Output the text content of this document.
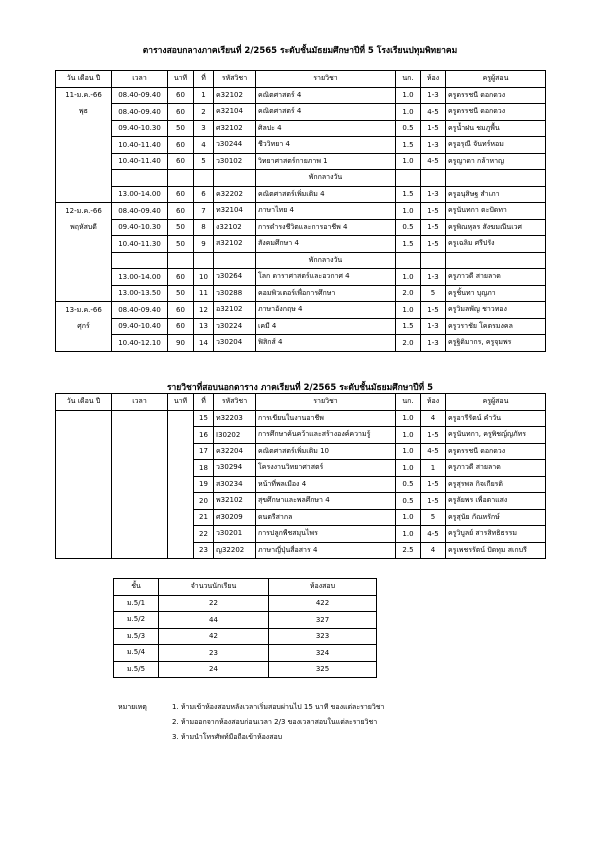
ตารางสอบกลางภาคเรียนที่ 2/2565 ระดับชั้นมัธยมศึกษาปีที่ 5 โรงเรียนปทุมพิทยาคม
วัน เดือน ปี	เวลา	นาที	ที่	รหัสวิชา	รายวิชา	นก.	ห้อง	ครูผู้สอน
11-ม.ค.-66	08.40-09.40	60	1	ค32102	คณิตศาสตร์ 4	1.0	1-3	ครูดรรชนี ดอกดวง
พุธ	08.40-09.40	60	2	ค32104	คณิตศาสตร์ 4	1.0	4-5	ครูดรรชนี ดอกดวง
	09.40-10.30	50	3	ศ32102	ศิลปะ 4	0.5	1-5	ครูน้ำฝน ชมภูพื้น
	10.40-11.40	60	4	ว30244	ชีววิทยา 4	1.5	1-3	ครูอรุณี จันทร์หอม
	10.40-11.40	60	5	ว30102	วิทยาศาสตร์กายภาพ 1	1.0	4-5	ครูญาดา กล้าหาญ
					พักกลางวัน			
	13.00-14.00	60	6	ค32202	คณิตศาสตร์เพิ่มเติม 4	1.5	1-3	ครูอนุสิษฐ สำเภา
12-ม.ค.-66	08.40-09.40	60	7	ท32104	ภาษาไทย 4	1.0	1-5	ครูนันทกา ตะปัดทา
พฤหัสบดี	09.40-10.30	50	8	ง32102	การดำรงชีวิตและการอาชีพ 4	0.5	1-5	ครูพิณหุลร สังฆมณีนเวศ
	10.40-11.30	50	9	ส32102	สังคมศึกษา 4	1.5	1-5	ครูเฉลิม ศรีปรัง
					พักกลางวัน			
	13.00-14.00	60	10	ว30264	โลก ดาราศาสตร์และอวกาศ 4	1.0	1-3	ครูภาวดี สายลาด
	13.00-13.50	50	11	ว30288	คอมพิวเตอร์เพื่อการศึกษา	2.0	5	ครูชิ้นทา บุญภา
13-ม.ค.-66	08.40-09.40	60	12	อ32102	ภาษาอังกฤษ 4	1.0	1-5	ครูวิมลพัญ ชาวทอง
ศุกร์	09.40-10.40	60	13	ว30224	เคมี 4	1.5	1-3	ครูวราชัย โคตรมงคล
	10.40-12.10	90	14	ว30204	ฟิสิกส์ 4	2.0	1-3	ครูฐิติมากร, ครูจุมพร
รายวิชาที่สอบนอกตาราง ภาคเรียนที่ 2/2565 ระดับชั้นมัธยมศึกษาปีที่ 5
วัน เดือน ปี	เวลา	นาที	ที่	รหัสวิชา	รายวิชา	นก.	ห้อง	ครูผู้สอน
			15	ท32203	การเขียนในงานอาชีพ	1.0	4	ครูอารีรัตน์ คำวัน
			16	I30202	การศึกษาค้นคว้าและสร้างองค์ความรู้	1.0	1-5	ครูนันทกา, ครูพิชญ์ญภัทร
			17	ค32204	คณิตศาสตร์เพิ่มเติม 10	1.0	4-5	ครูดรรชนี ดอกดวง
			18	ว30294	โครงงานวิทยาศาสตร์	1.0	1	ครูภาวดี สายลาด
			19	ส30234	หน้าที่พลเมือง 4	0.5	1-5	ครูสุรพล กิจเกียรติ
			20	พ32102	สุขศึกษาและพลศึกษา 4	0.5	1-5	ครูลัยพร เพื่อตาแสง
			21	ศ30209	ดนตรีสากล	1.0	5	ครูสุนัย กัณหรักษ์
			22	ว30201	การปลูกพืชสมุนไพร	1.0	4-5	ครูวิบูลย์ สารสิทธิธรรม
			23	ญ32202	ภาษาญี่ปุ่นสื่อสาร 4	2.5	4	ครูเพชรรัตน์ ปัดทุม สเกบรี
ชั้น	จำนวนนักเรียน	ห้องสอบ
ม.5/1	22	422
ม.5/2	44	327
ม.5/3	42	323
ม.5/4	23	324
ม.5/5	24	325
หมายเหตุ	1. ห้ามเข้าห้องสอบหลังเวลาเริ่มสอบผ่านไป 15 นาที ของแต่ละรายวิชา
2. ห้ามออกจากห้องสอบก่อนเวลา 2/3 ของเวลาสอบในแต่ละรายวิชา
3. ห้ามนำโทรศัพท์มือถือเข้าห้องสอบ
